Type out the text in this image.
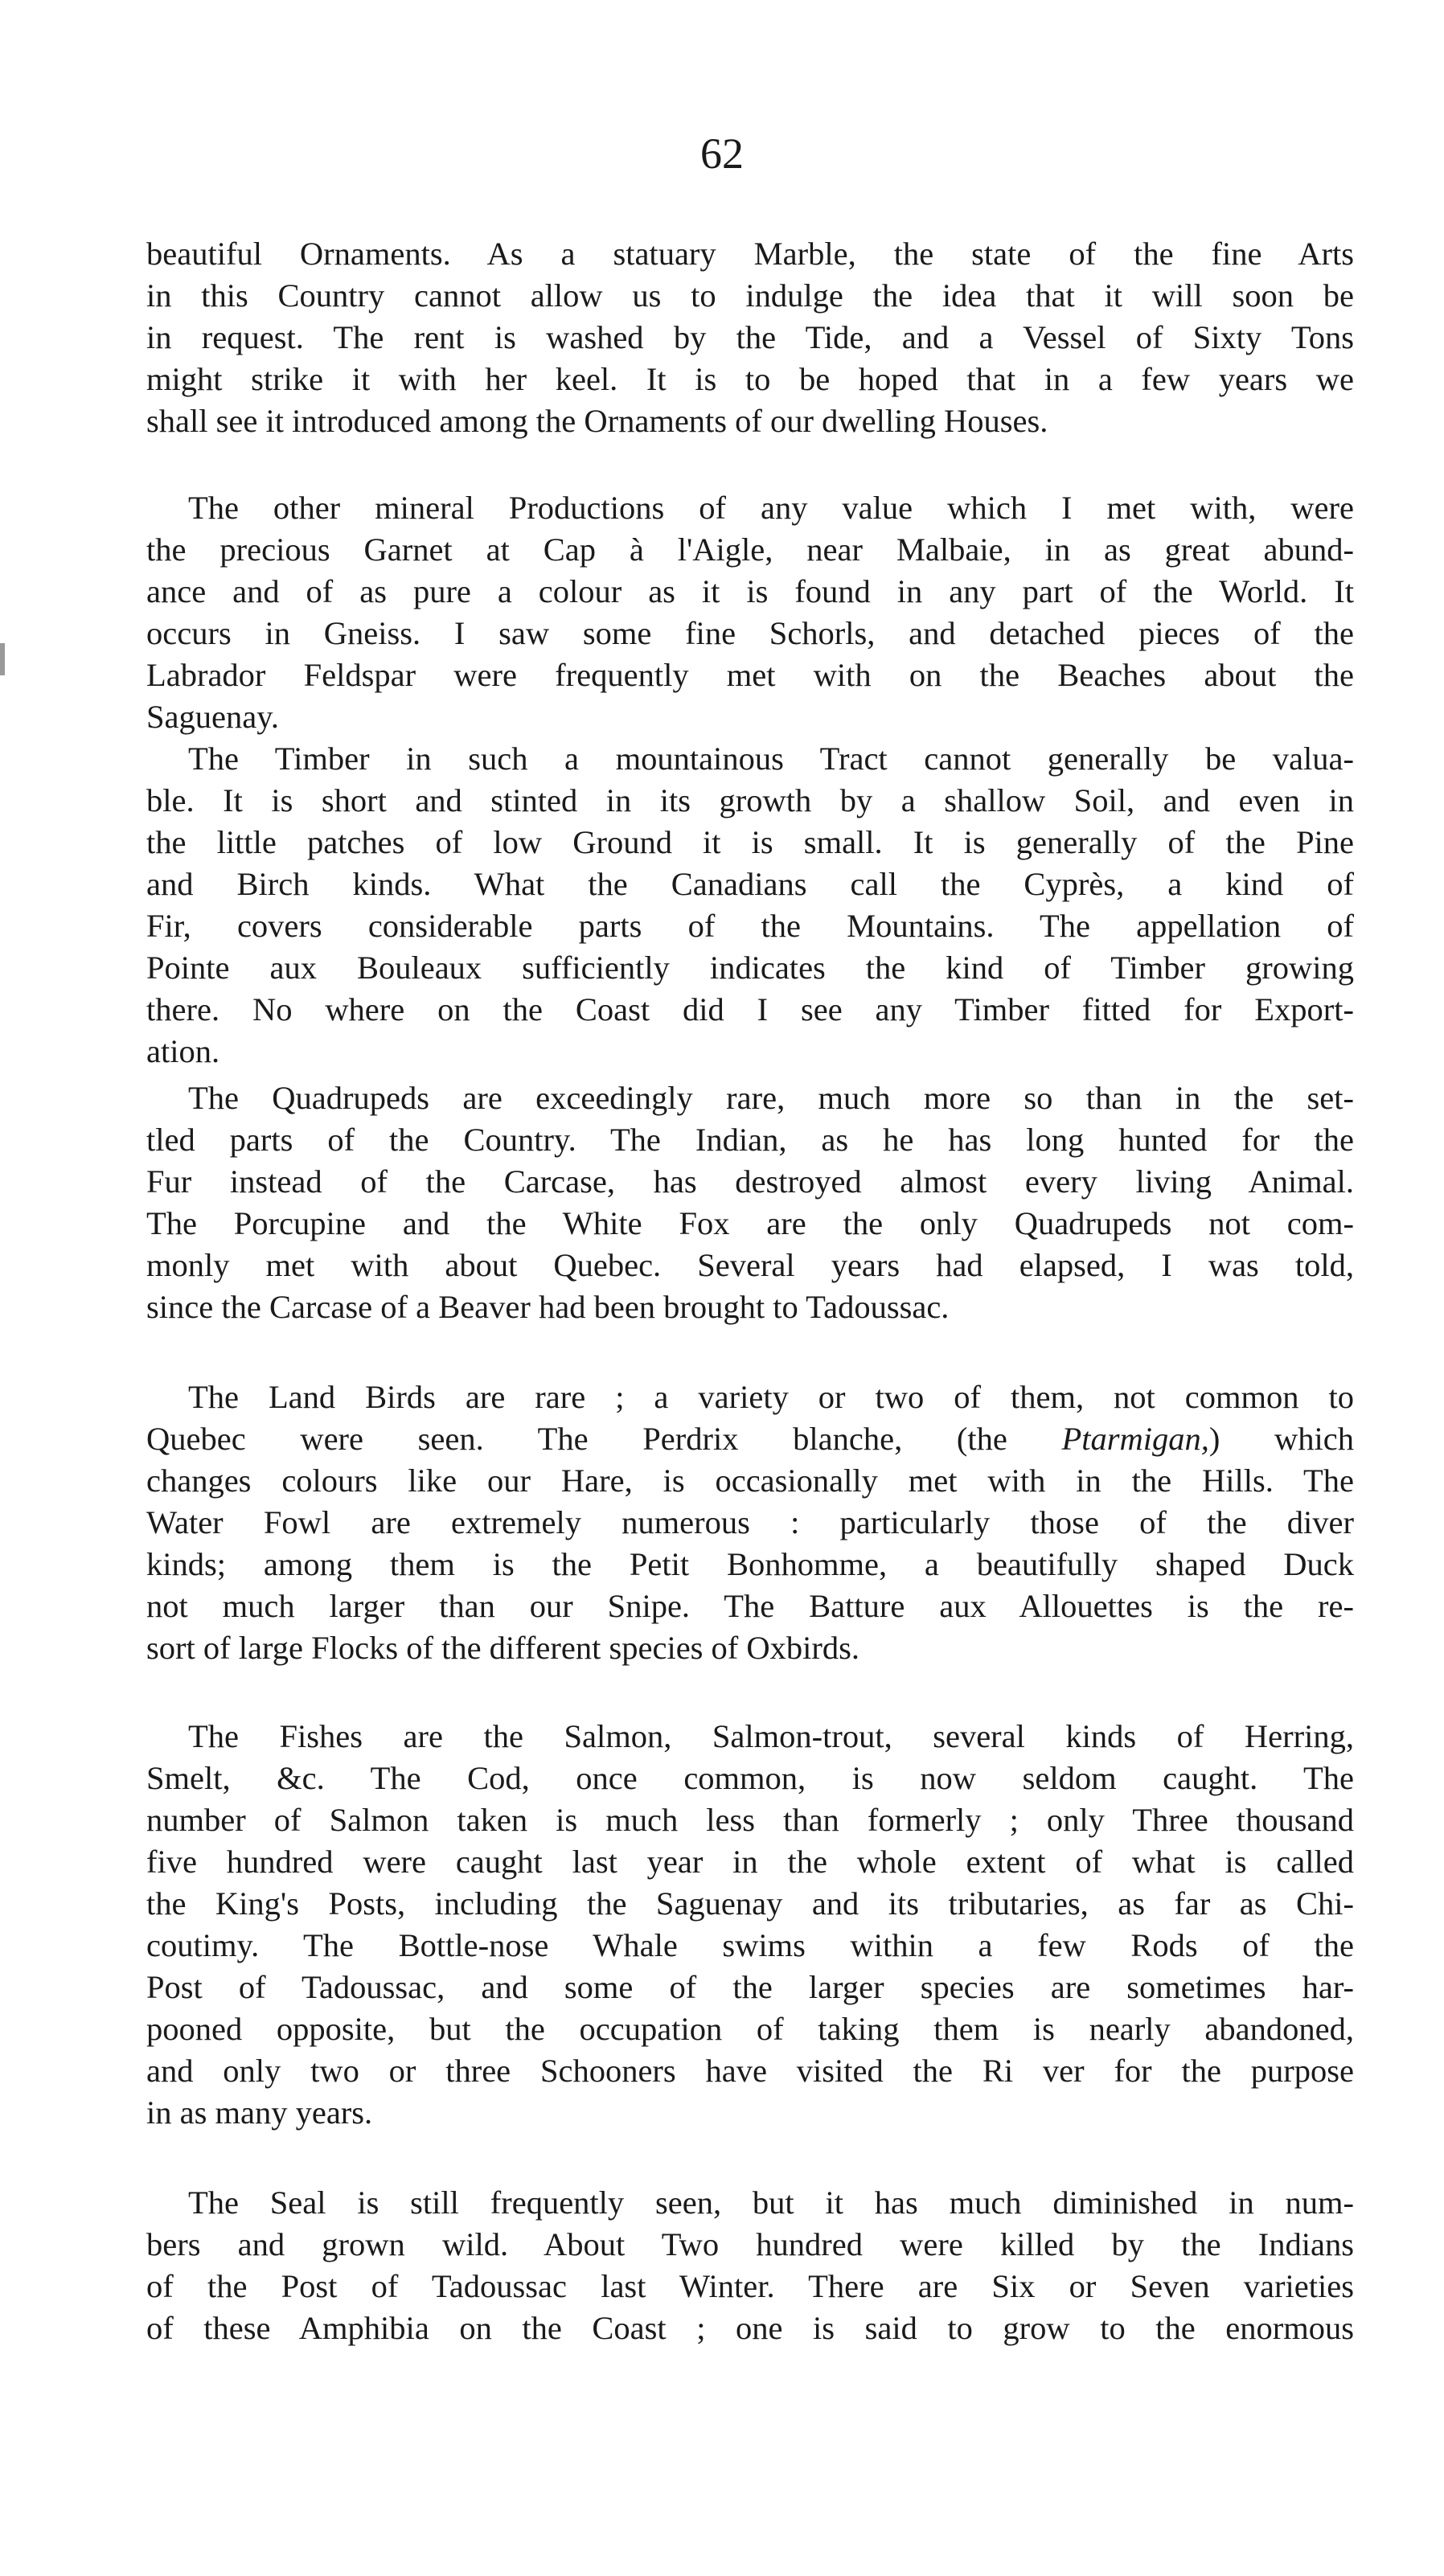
62
beautiful Ornaments. As a statuary Marble, the state of the fine Arts
in this Country cannot allow us to indulge the idea that it will soon be
in request. The rent is washed by the Tide, and a Vessel of Sixty Tons
might strike it with her keel. It is to be hoped that in a few years we
shall see it introduced among the Ornaments of our dwelling Houses.
The other mineral Productions of any value which I met with, were
the precious Garnet at Cap à l'Aigle, near Malbaie, in as great abund-
ance and of as pure a colour as it is found in any part of the World. It
occurs in Gneiss. I saw some fine Schorls, and detached pieces of the
Labrador Feldspar were frequently met with on the Beaches about the
Saguenay.
The Timber in such a mountainous Tract cannot generally be valua-
ble. It is short and stinted in its growth by a shallow Soil, and even in
the little patches of low Ground it is small. It is generally of the Pine
and Birch kinds. What the Canadians call the Cyprès, a kind of
Fir, covers considerable parts of the Mountains. The appellation of
Pointe aux Bouleaux sufficiently indicates the kind of Timber growing
there. No where on the Coast did I see any Timber fitted for Export-
ation.
The Quadrupeds are exceedingly rare, much more so than in the set-
tled parts of the Country. The Indian, as he has long hunted for the
Fur instead of the Carcase, has destroyed almost every living Animal.
The Porcupine and the White Fox are the only Quadrupeds not com-
monly met with about Quebec. Several years had elapsed, I was told,
since the Carcase of a Beaver had been brought to Tadoussac.
The Land Birds are rare ; a variety or two of them, not common to
Quebec were seen. The Perdrix blanche, (the Ptarmigan,) which
changes colours like our Hare, is occasionally met with in the Hills. The
Water Fowl are extremely numerous : particularly those of the diver
kinds; among them is the Petit Bonhomme, a beautifully shaped Duck
not much larger than our Snipe. The Batture aux Allouettes is the re-
sort of large Flocks of the different species of Oxbirds.
The Fishes are the Salmon, Salmon-trout, several kinds of Herring,
Smelt, &c. The Cod, once common, is now seldom caught. The
number of Salmon taken is much less than formerly ; only Three thousand
five hundred were caught last year in the whole extent of what is called
the King's Posts, including the Saguenay and its tributaries, as far as Chi-
coutimy. The Bottle-nose Whale swims within a few Rods of the
Post of Tadoussac, and some of the larger species are sometimes har-
pooned opposite, but the occupation of taking them is nearly abandoned,
and only two or three Schooners have visited the Ri ver for the purpose
in as many years.
The Seal is still frequently seen, but it has much diminished in num-
bers and grown wild. About Two hundred were killed by the Indians
of the Post of Tadoussac last Winter. There are Six or Seven varieties
of these Amphibia on the Coast ; one is said to grow to the enormous
